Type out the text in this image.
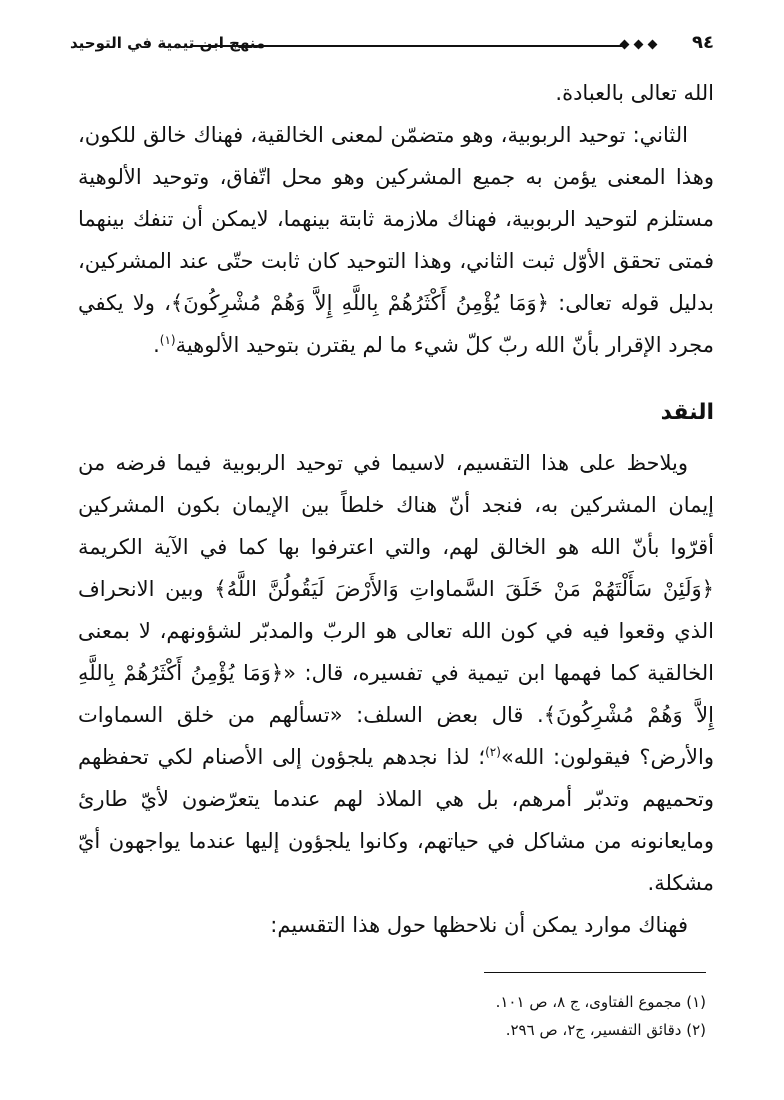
٩٤
منهج ابن تيمية في التوحيد

الله تعالى بالعبادة.

الثاني: توحيد الربوبية، وهو متضمّن لمعنى الخالقية، فهناك خالق للكون، وهذا المعنى يؤمن به جميع المشركين وهو محل اتّفاق، وتوحيد الألوهية مستلزم لتوحيد الربوبية، فهناك ملازمة ثابتة بينهما، لايمكن أن تنفك بينهما فمتى تحقق الأوّل ثبت الثاني، وهذا التوحيد كان ثابت حتّى عند المشركين، بدليل قوله تعالى: ﴿وَمَا يُؤْمِنُ أَكْثَرُهُمْ بِاللَّهِ إِلاَّ وَهُمْ مُشْرِكُونَ﴾، ولا يكفي مجرد الإقرار بأنّ الله ربّ كلّ شيء ما لم يقترن بتوحيد الألوهية$^{(١)}$.

النقد

ويلاحظ على هذا التقسيم، لاسيما في توحيد الربوبية فيما فرضه من إيمان المشركين به، فنجد أنّ هناك خلطاً بين الإيمان بكون المشركين أقرّوا بأنّ الله هو الخالق لهم، والتي اعترفوا بها كما في الآية الكريمة ﴿وَلَئِنْ سَأَلْتَهُمْ مَنْ خَلَقَ السَّماواتِ وَالأَرْضَ لَيَقُولُنَّ اللَّهُ﴾ وبين الانحراف الذي وقعوا فيه في كون الله تعالى هو الربّ والمدبّر لشؤونهم، لا بمعنى الخالقية كما فهمها ابن تيمية في تفسيره، قال: «﴿وَمَا يُؤْمِنُ أَكْثَرُهُمْ بِاللَّهِ إِلاَّ وَهُمْ مُشْرِكُونَ﴾. قال بعض السلف: «تسألهم من خلق السماوات والأرض؟ فيقولون: الله»$^{(٢)}$؛ لذا نجدهم يلجؤون إلى الأصنام لكي تحفظهم وتحميهم وتدبّر أمرهم، بل هي الملاذ لهم عندما يتعرّضون لأيّ طارئ ومايعانونه من مشاكل في حياتهم، وكانوا يلجؤون إليها عندما يواجهون أيّ مشكلة.

فهناك موارد يمكن أن نلاحظها حول هذا التقسيم:

(١) مجموع الفتاوى، ج ٨، ص ١٠١.

(٢) دقائق التفسير، ج٢، ص ٢٩٦.
